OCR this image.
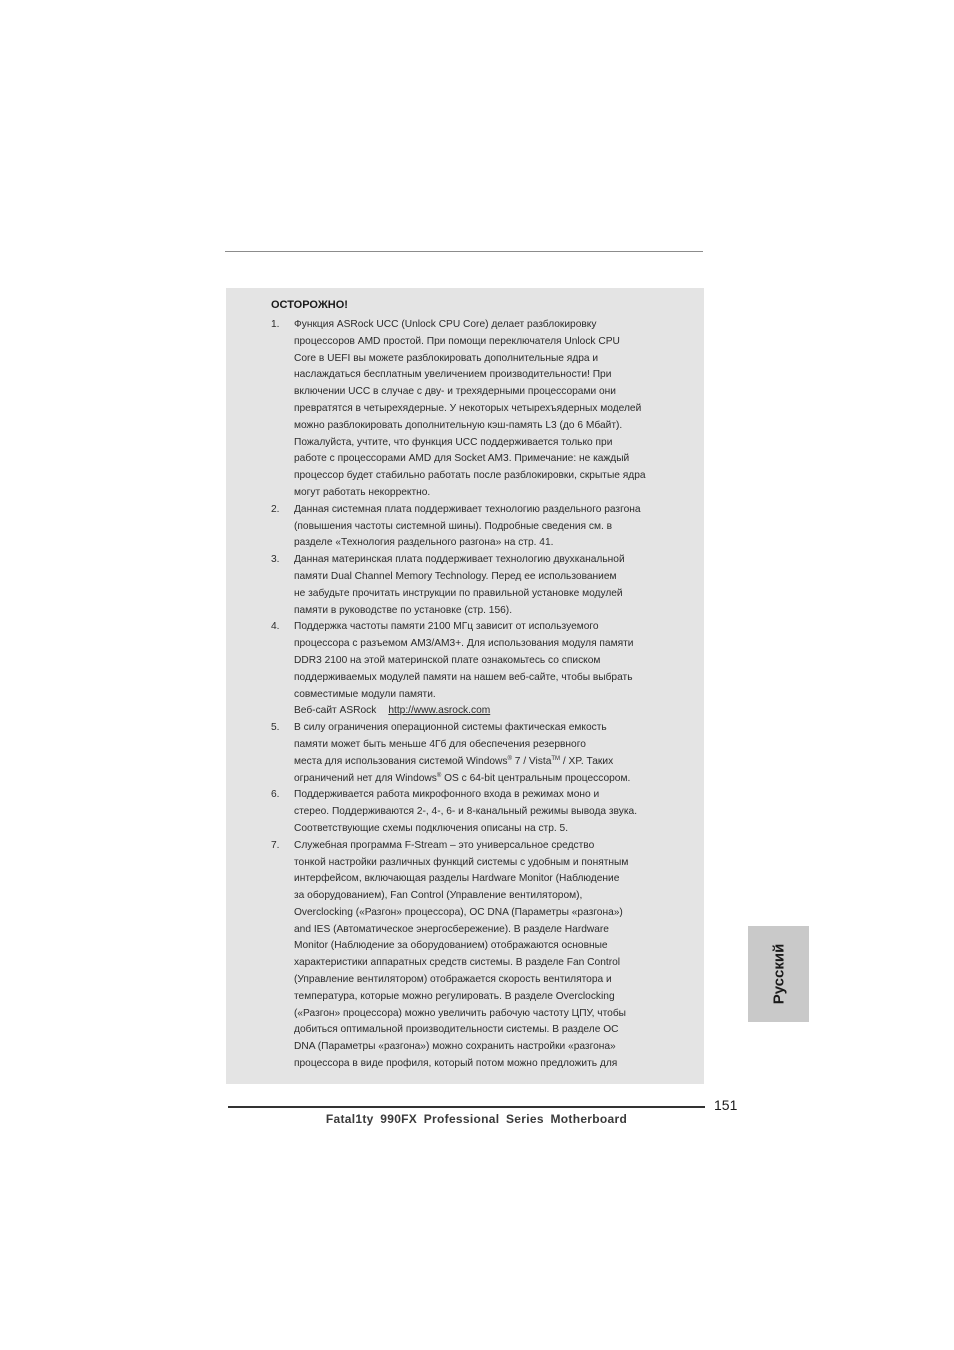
ОСТОРОЖНО!
1. Функция ASRock UCC (Unlock CPU Core) делает разблокировку
процессоров AMD простой. При помощи переключателя Unlock CPU
Core в UEFI вы можете разблокировать дополнительные ядра и
наслаждаться бесплатным увеличением производительности! При
включении UCC в случае с дву- и трехядерными процессорами они
превратятся в четырехядерные. У некоторых четырехъядерных моделей
можно разблокировать дополнительную кэш-память L3 (до 6 Мбайт).
Пожалуйста, учтите, что функция UCC поддерживается только при
работе с процессорами AMD для Socket AM3. Примечание: не каждый
процессор будет стабильно работать после разблокировки, скрытые ядра
могут работать некорректно.
2. Данная системная плата поддерживает технологию раздельного разгона
(повышения частоты системной шины). Подробные сведения см. в
разделе «Технология раздельного разгона» на стр. 41.
3. Данная материнская плата поддерживает технологию двухканальной
памяти Dual Channel Memory Technology. Перед ее использованием
не забудьте прочитать инструкции по правильной установке модулей
памяти в руководстве по установке (стр. 156).
4. Поддержка частоты памяти 2100 МГц зависит от используемого
процессора с разъемом AM3/AM3+. Для использования модуля памяти
DDR3 2100 на этой материнской плате ознакомьтесь со списком
поддерживаемых модулей памяти на нашем веб-сайте, чтобы выбрать
совместимые модули памяти.
Веб-сайт ASRock http://www.asrock.com
5. В силу ограничения операционной системы фактическая емкость
памяти может быть меньше 4Гб для обеспечения резервного
места для использования системой Windows® 7 / Vista™ / XP. Таких
ограничений нет для Windows® OS с 64-bit центральным процессором.
6. Поддерживается работа микрофонного входа в режимах моно и
стерео. Поддерживаются 2-, 4-, 6- и 8-канальный режимы вывода звука.
Соответствующие схемы подключения описаны на стр. 5.
7. Служебная программа F-Stream – это универсальное средство
тонкой настройки различных функций системы с удобным и понятным
интерфейсом, включающая разделы Hardware Monitor (Наблюдение
за оборудованием), Fan Control (Управление вентилятором),
Overclocking («Разгон» процессора), OC DNA (Параметры «разгона»)
and IES (Автоматическое энергосбережение). В разделе Hardware
Monitor (Наблюдение за оборудованием) отображаются основные
характеристики аппаратных средств системы. В разделе Fan Control
(Управление вентилятором) отображается скорость вентилятора и
температура, которые можно регулировать. В разделе Overclocking
(«Разгон» процессора) можно увеличить рабочую частоту ЦПУ, чтобы
добиться оптимальной производительности системы. В разделе OC
DNA (Параметры «разгона») можно сохранить настройки «разгона»
процессора в виде профиля, который потом можно предложить для
Русский
151
Fatal1ty 990FX Professional Series Motherboard
